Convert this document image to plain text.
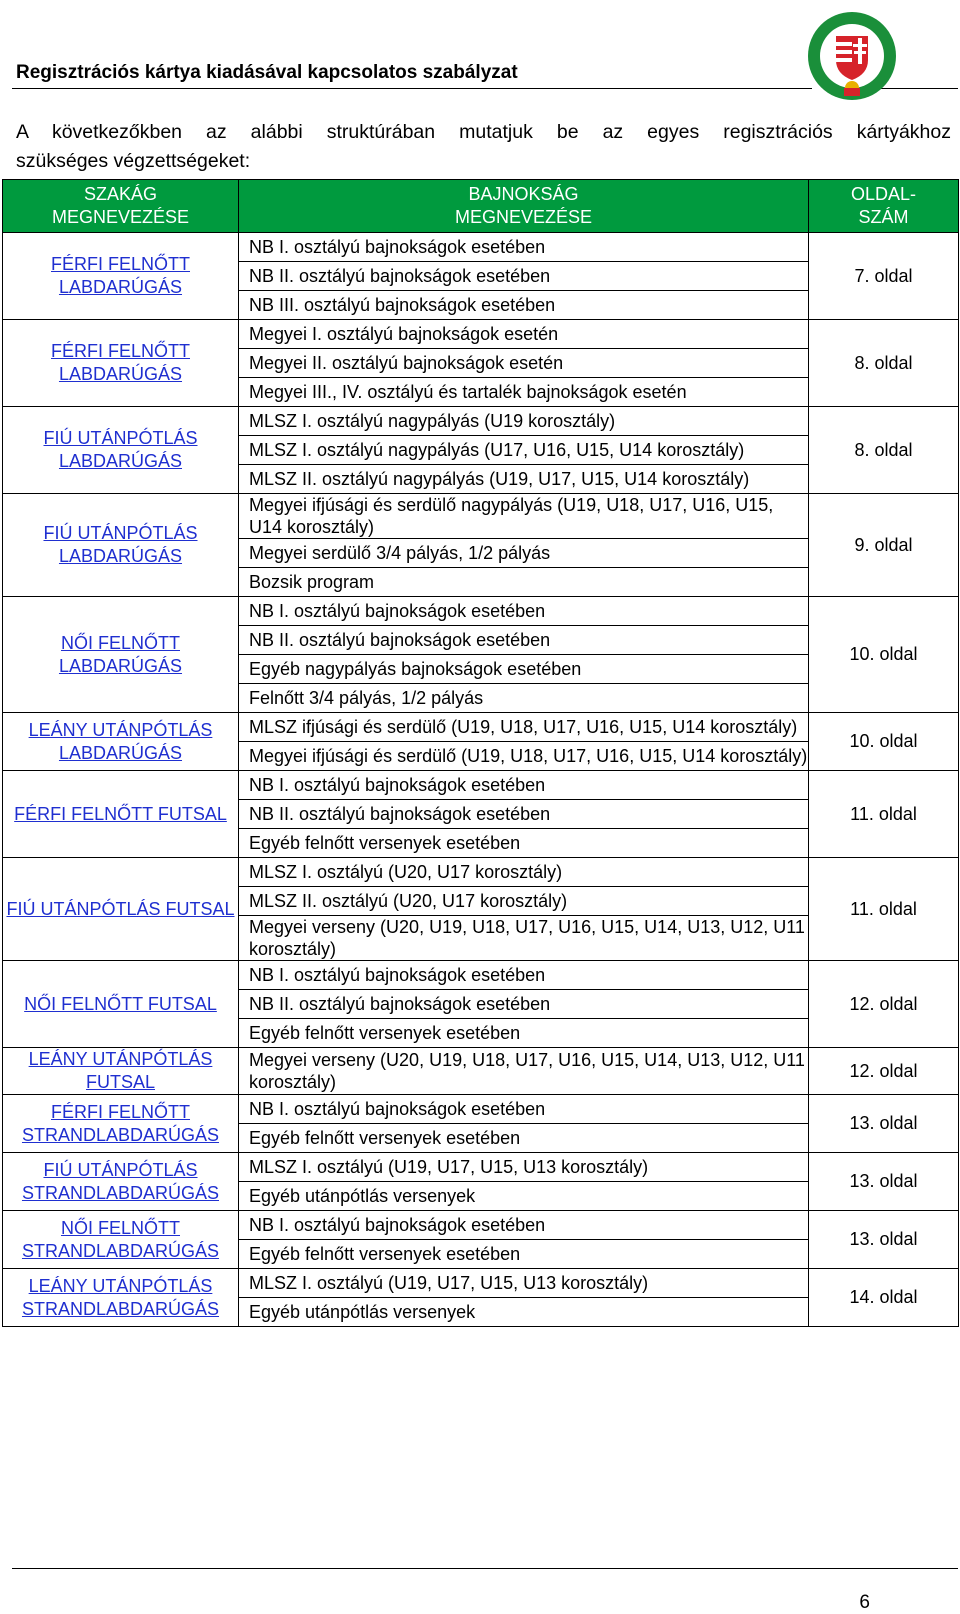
Regisztrációs kártya kiadásával kapcsolatos szabályzat
A következőkben az alábbi struktúrában mutatjuk be az egyes regisztrációs kártyákhoz
szükséges végzettségeket:
SZAKÁG MEGNEVEZÉSE	BAJNOKSÁG MEGNEVEZÉSE	OLDAL-SZÁM

FÉRFI FELNŐTT LABDARÚGÁS	NB I. osztályú bajnokságok esetében	7. oldal
	NB II. osztályú bajnokságok esetében	
	NB III. osztályú bajnokságok esetében	
FÉRFI FELNŐTT LABDARÚGÁS	Megyei I. osztályú bajnokságok esetén	8. oldal
	Megyei II. osztályú bajnokságok esetén	
	Megyei III., IV. osztályú és tartalék bajnokságok esetén	
FIÚ UTÁNPÓTLÁS LABDARÚGÁS	MLSZ I. osztályú nagypályás (U19 korosztály)	8. oldal
	MLSZ I. osztályú nagypályás (U17, U16, U15, U14 korosztály)	
	MLSZ II. osztályú nagypályás (U19, U17, U15, U14 korosztály)	
FIÚ UTÁNPÓTLÁS LABDARÚGÁS	Megyei ifjúsági és serdülő nagypályás (U19, U18, U17, U16, U15, U14 korosztály)	9. oldal
	Megyei serdülő 3/4 pályás, 1/2 pályás	
	Bozsik program	
NŐI FELNŐTT LABDARÚGÁS	NB I. osztályú bajnokságok esetében	10. oldal
	NB II. osztályú bajnokságok esetében	
	Egyéb nagypályás bajnokságok esetében	
	Felnőtt 3/4 pályás, 1/2 pályás	
LEÁNY UTÁNPÓTLÁS LABDARÚGÁS	MLSZ ifjúsági és serdülő (U19, U18, U17, U16, U15, U14 korosztály)	10. oldal
	Megyei ifjúsági és serdülő (U19, U18, U17, U16, U15, U14 korosztály)	
FÉRFI FELNŐTT FUTSAL	NB I. osztályú bajnokságok esetében	11. oldal
	NB II. osztályú bajnokságok esetében	
	Egyéb felnőtt versenyek esetében	
FIÚ UTÁNPÓTLÁS FUTSAL	MLSZ I. osztályú (U20, U17 korosztály)	11. oldal
	MLSZ II. osztályú (U20, U17 korosztály)	
	Megyei verseny (U20, U19, U18, U17, U16, U15, U14, U13, U12, U11 korosztály)	
NŐI FELNŐTT FUTSAL	NB I. osztályú bajnokságok esetében	12. oldal
	NB II. osztályú bajnokságok esetében	
	Egyéb felnőtt versenyek esetében	
LEÁNY UTÁNPÓTLÁS FUTSAL	Megyei verseny (U20, U19, U18, U17, U16, U15, U14, U13, U12, U11 korosztály)	12. oldal
FÉRFI FELNŐTT STRANDLABDARÚGÁS	NB I. osztályú bajnokságok esetében	13. oldal
	Egyéb felnőtt versenyek esetében	
FIÚ UTÁNPÓTLÁS STRANDLABDARÚGÁS	MLSZ I. osztályú (U19, U17, U15, U13 korosztály)	13. oldal
	Egyéb utánpótlás versenyek	
NŐI FELNŐTT STRANDLABDARÚGÁS	NB I. osztályú bajnokságok esetében	13. oldal
	Egyéb felnőtt versenyek esetében	
LEÁNY UTÁNPÓTLÁS STRANDLABDARÚGÁS	MLSZ I. osztályú (U19, U17, U15, U13 korosztály)	14. oldal
	Egyéb utánpótlás versenyek	
6
